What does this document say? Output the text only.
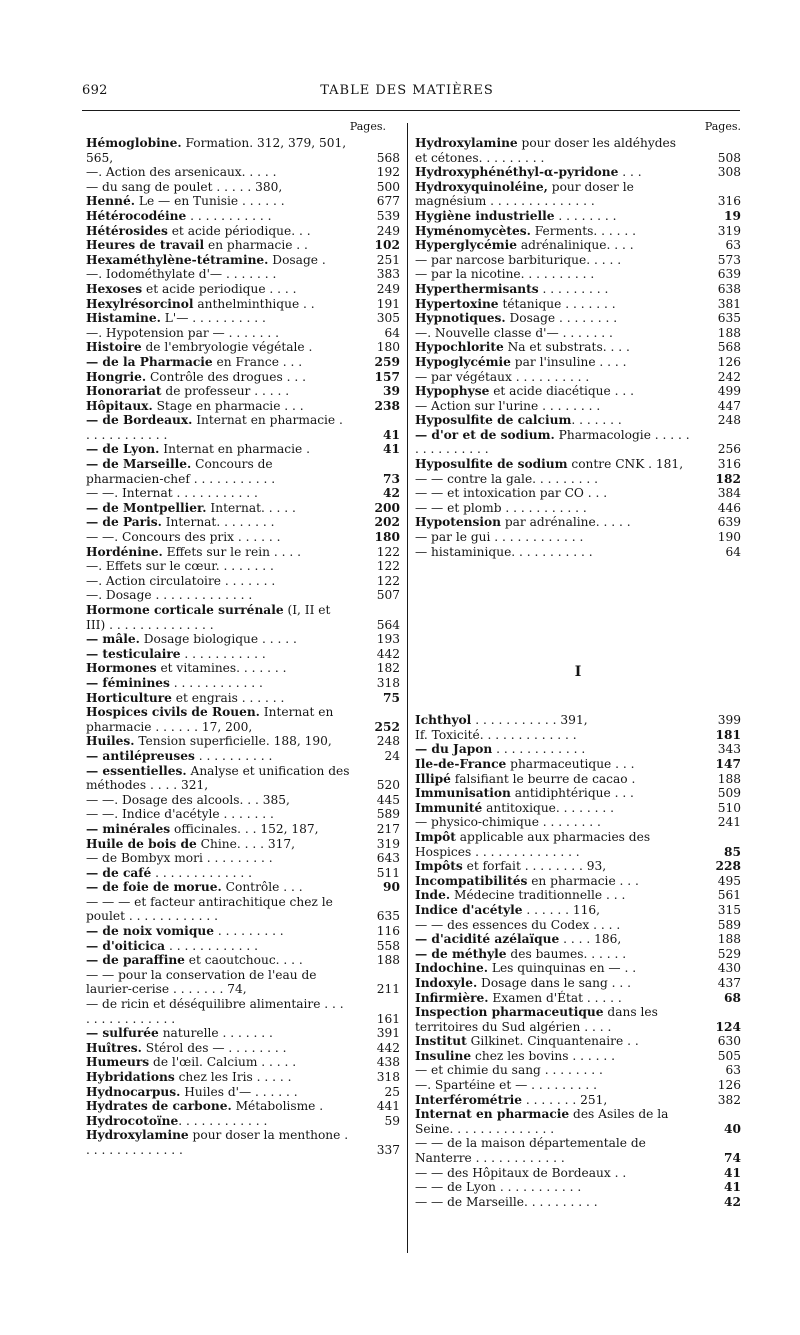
692	TABLE DES MATIÈRES
Pages.
Hémoglobine. Formation. 312, 379, 501, 565,	568
—. Action des arsenicaux. . . . .	192
— du sang de poulet . . . . . 380,	500
Henné. Le — en Tunisie . . . . . .	677
Hétérocodéine . . . . . . . . . . .	539
Hétérosides et acide périodique. . .	249
Heures de travail en pharmacie . .	102
Hexaméthylène-tétramine. Dosage .	251
—. Iodométhylate d'— . . . . . . .	383
Hexoses et acide periodique . . . .	249
Hexylrésorcinol anthelminthique . .	191
Histamine. L'— . . . . . . . . . .	305
—. Hypotension par — . . . . . . .	64
Histoire de l'embryologie végétale .	180
— de la Pharmacie en France . . .	259
Hongrie. Contrôle des drogues . . .	157
Honorariat de professeur . . . . .	39
Hôpitaux. Stage en pharmacie . . .	238
— de Bordeaux. Internat en pharmacie . . . . . . . . . . . .	41
— de Lyon. Internat en pharmacie .	41
— de Marseille. Concours de pharmacien-chef . . . . . . . . . . .	73
— —. Internat . . . . . . . . . . .	42
— de Montpellier. Internat. . . . .	200
— de Paris. Internat. . . . . . . .	202
— —. Concours des prix . . . . . .	180
Hordénine. Effets sur le rein . . . .	122
—. Effets sur le cœur. . . . . . . .	122
—. Action circulatoire . . . . . . .	122
—. Dosage . . . . . . . . . . . . .	507
Hormone corticale surrénale (I, II et III) . . . . . . . . . . . . . .	564
— mâle. Dosage biologique . . . . .	193
— testiculaire . . . . . . . . . . .	442
Hormones et vitamines. . . . . . .	182
— féminines . . . . . . . . . . . .	318
Horticulture et engrais . . . . . .	75
Hospices civils de Rouen. Internat en pharmacie . . . . . . 17, 200,	252
Huiles. Tension superficielle. 188, 190,	248
— antilépreuses . . . . . . . . . .	24
— essentielles. Analyse et unification des méthodes . . . . 321,	520
— —. Dosage des alcools. . . 385,	445
— —. Indice d'acétyle . . . . . . .	589
— minérales officinales. . . 152, 187,	217
Huile de bois de Chine. . . . 317,	319
— de Bombyx mori . . . . . . . . .	643
— de café . . . . . . . . . . . . .	511
— de foie de morue. Contrôle . . .	90
— — — et facteur antirachitique chez le poulet . . . . . . . . . . . .	635
— de noix vomique . . . . . . . . .	116
— d'oiticica . . . . . . . . . . . .	558
— de paraffine et caoutchouc. . . .	188
— — pour la conservation de l'eau de laurier-cerise . . . . . . . 74,	211
— de ricin et déséquilibre alimentaire . . . . . . . . . . . . . . .	161
— sulfurée naturelle . . . . . . .	391
Huîtres. Stérol des — . . . . . . . .	442
Humeurs de l'œil. Calcium . . . . .	438
Hybridations chez les Iris . . . . .	318
Hydnocarpus. Huiles d'— . . . . . .	25
Hydrates de carbone. Métabolisme .	441
Hydrocotoïne. . . . . . . . . . . .	59
Hydroxylamine pour doser la menthone . . . . . . . . . . . . . .	337
Pages.
Hydroxylamine pour doser les aldéhydes et cétones. . . . . . . . .	508
Hydroxyphénéthyl-α-pyridone . . .	308
Hydroxyquinoléine, pour doser le magnésium . . . . . . . . . . . . . .	316
Hygiène industrielle . . . . . . . .	19
Hyménomycètes. Ferments. . . . . .	319
Hyperglycémie adrénalinique. . . .	63
— par narcose barbiturique. . . . .	573
— par la nicotine. . . . . . . . . .	639
Hyperthermisants . . . . . . . . .	638
Hypertoxine tétanique . . . . . . .	381
Hypnotiques. Dosage . . . . . . . .	635
—. Nouvelle classe d'— . . . . . . .	188
Hypochlorite Na et substrats. . . .	568
Hypoglycémie par l'insuline . . . .	126
— par végétaux . . . . . . . . . .	242
Hypophyse et acide diacétique . . .	499
— Action sur l'urine . . . . . . . .	447
Hyposulfite de calcium. . . . . . .	248
— d'or et de sodium. Pharmacologie . . . . . . . . . . . . . . .	256
Hyposulfite de sodium contre CNK . 181,	316
— — contre la gale. . . . . . . . .	182
— — et intoxication par CO . . .	384
— — et plomb . . . . . . . . . . .	446
Hypotension par adrénaline. . . . .	639
— par le gui . . . . . . . . . . . .	190
— histaminique. . . . . . . . . . .	64
I
Ichthyol . . . . . . . . . . . 391,	399
If. Toxicité. . . . . . . . . . . . .	181
— du Japon . . . . . . . . . . . .	343
Ile-de-France pharmaceutique . . .	147
Illipé falsifiant le beurre de cacao .	188
Immunisation antidiphtérique . . .	509
Immunité antitoxique. . . . . . . .	510
— physico-chimique . . . . . . . .	241
Impôt applicable aux pharmacies des Hospices . . . . . . . . . . . . . .	85
Impôts et forfait . . . . . . . . 93,	228
Incompatibilités en pharmacie . . .	495
Inde. Médecine traditionnelle . . .	561
Indice d'acétyle . . . . . . 116,	315
— — des essences du Codex . . . .	589
— d'acidité azélaïque . . . . 186,	188
— de méthyle des baumes. . . . . .	529
Indochine. Les quinquinas en — . .	430
Indoxyle. Dosage dans le sang . . .	437
Infirmière. Examen d'État . . . . .	68
Inspection pharmaceutique dans les territoires du Sud algérien . . . .	124
Institut Gilkinet. Cinquantenaire . .	630
Insuline chez les bovins . . . . . .	505
— et chimie du sang . . . . . . . .	63
—. Spartéine et — . . . . . . . . .	126
Interférométrie . . . . . . . 251,	382
Internat en pharmacie des Asiles de la Seine. . . . . . . . . . . . . .	40
— — de la maison départementale de Nanterre . . . . . . . . . . . .	74
— — des Hôpitaux de Bordeaux . .	41
— — de Lyon . . . . . . . . . . .	41
— — de Marseille. . . . . . . . . .	42
